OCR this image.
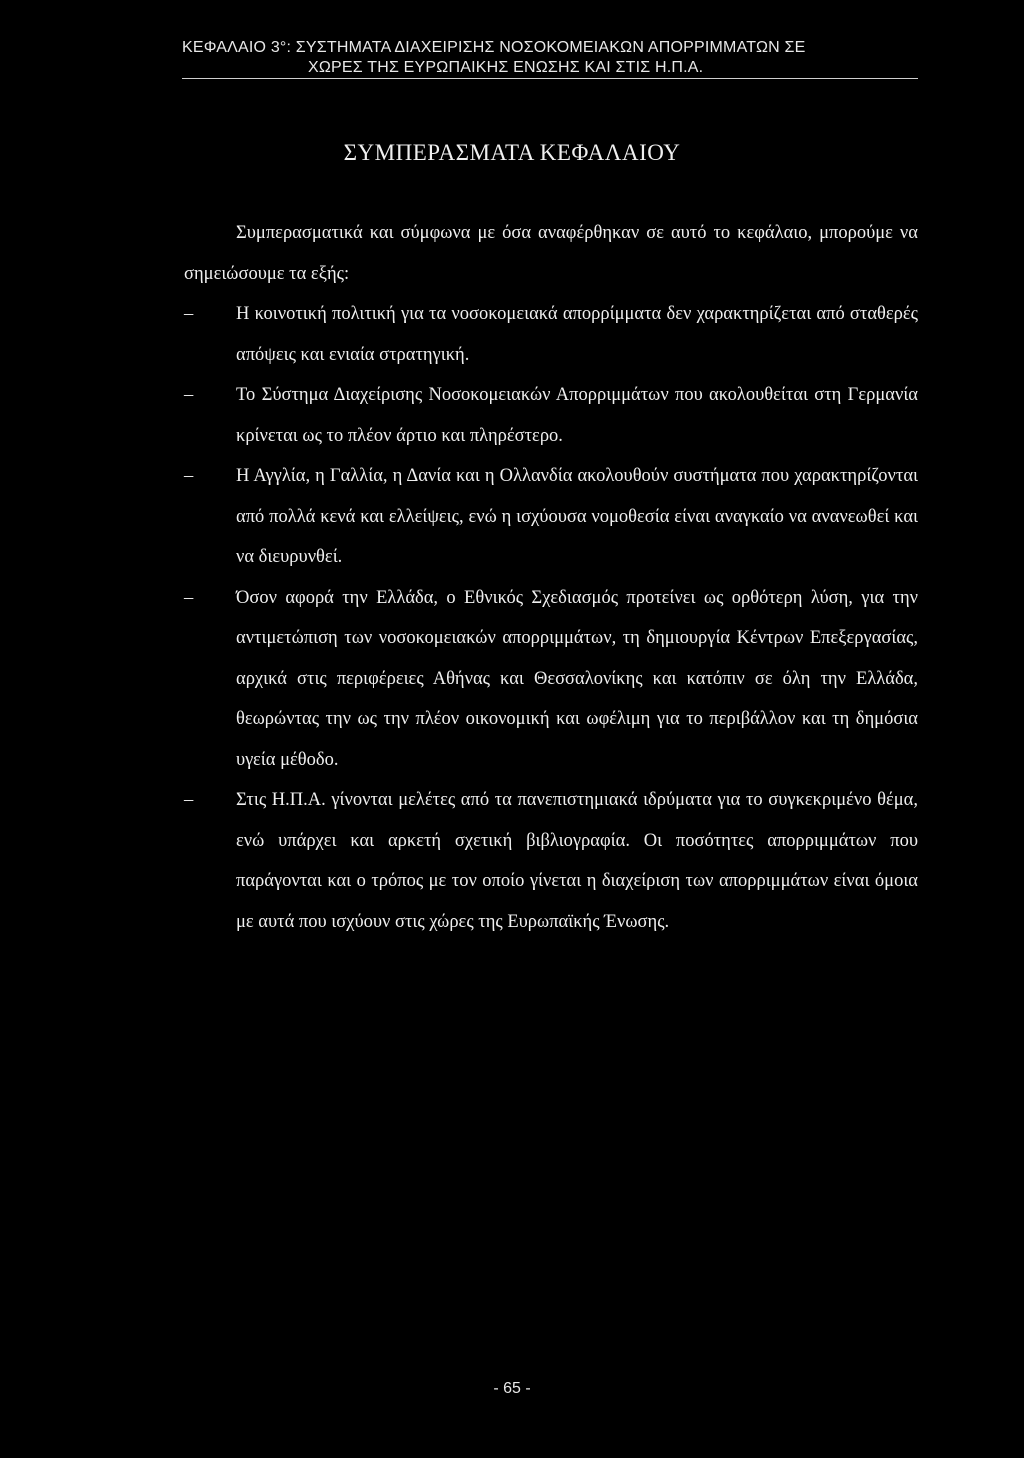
ΚΕΦΑΛΑΙΟ 3°: ΣΥΣΤΗΜΑΤΑ ΔΙΑΧΕΙΡΙΣΗΣ ΝΟΣΟΚΟΜΕΙΑΚΩΝ ΑΠΟΡΡΙΜΜΑΤΩΝ ΣΕ
ΧΩΡΕΣ ΤΗΣ ΕΥΡΩΠΑΙΚΗΣ ΕΝΩΣΗΣ ΚΑΙ ΣΤΙΣ Η.Π.Α.
ΣΥΜΠΕΡΑΣΜΑΤΑ ΚΕΦΑΛΑΙΟΥ

Συμπερασματικά και σύμφωνα με όσα αναφέρθηκαν σε αυτό το κεφάλαιο, μπορούμε να σημειώσουμε τα εξής:

– Η κοινοτική πολιτική για τα νοσοκομειακά απορρίμματα δεν χαρακτηρίζεται από σταθερές απόψεις και ενιαία στρατηγική.
– Το Σύστημα Διαχείρισης Νοσοκομειακών Απορριμμάτων που ακολουθείται στη Γερμανία κρίνεται ως το πλέον άρτιο και πληρέστερο.
– Η Αγγλία, η Γαλλία, η Δανία και η Ολλανδία ακολουθούν συστήματα που χαρακτηρίζονται από πολλά κενά και ελλείψεις, ενώ η ισχύουσα νομοθεσία είναι αναγκαίο να ανανεωθεί και να διευρυνθεί.
– Όσον αφορά την Ελλάδα, ο Εθνικός Σχεδιασμός προτείνει ως ορθότερη λύση, για την αντιμετώπιση των νοσοκομειακών απορριμμάτων, τη δημιουργία Κέντρων Επεξεργασίας, αρχικά στις περιφέρειες Αθήνας και Θεσσαλονίκης και κατόπιν σε όλη την Ελλάδα, θεωρώντας την ως την πλέον οικονομική και ωφέλιμη για το περιβάλλον και τη δημόσια υγεία μέθοδο.
– Στις Η.Π.Α. γίνονται μελέτες από τα πανεπιστημιακά ιδρύματα για το συγκεκριμένο θέμα, ενώ υπάρχει και αρκετή σχετική βιβλιογραφία. Οι ποσότητες απορριμμάτων που παράγονται και ο τρόπος με τον οποίο γίνεται η διαχείριση των απορριμμάτων είναι όμοια με αυτά που ισχύουν στις χώρες της Ευρωπαϊκής Ένωσης.
- 65 -
